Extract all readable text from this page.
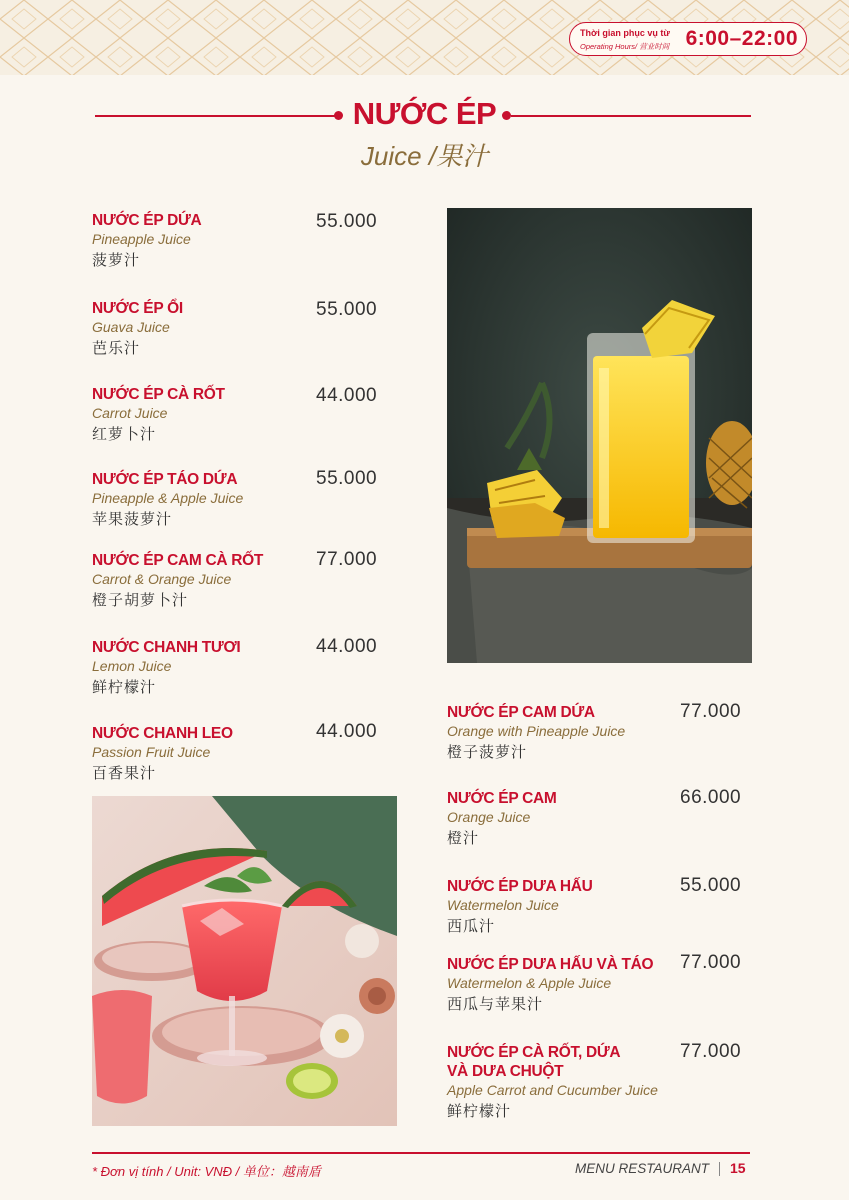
Thời gian phục vụ từ
Operating Hours/ 营业时间 6:00–22:00
NƯỚC ÉP
Juice /果汁
NƯỚC ÉP DỨA
Pineapple Juice
菠萝汁
55.000
NƯỚC ÉP ỔI
Guava Juice
芭乐汁
55.000
NƯỚC ÉP CÀ RỐT
Carrot Juice
红萝卜汁
44.000
NƯỚC ÉP TÁO DỨA
Pineapple & Apple Juice
苹果菠萝汁
55.000
NƯỚC ÉP CAM CÀ RỐT
Carrot & Orange Juice
橙子胡萝卜汁
77.000
NƯỚC CHANH TƯƠI
Lemon Juice
鲜柠檬汁
44.000
NƯỚC CHANH LEO
Passion Fruit Juice
百香果汁
44.000
NƯỚC ÉP CAM DỨA
Orange with Pineapple Juice
橙子菠萝汁
77.000
NƯỚC ÉP CAM
Orange Juice
橙汁
66.000
NƯỚC ÉP DƯA HẤU
Watermelon Juice
西瓜汁
55.000
NƯỚC ÉP DƯA HẤU VÀ TÁO
Watermelon & Apple Juice
西瓜与苹果汁
77.000
NƯỚC ÉP CÀ RỐT, DỨA
VÀ DƯA CHUỘT
Apple Carrot and Cucumber Juice
鲜柠檬汁
77.000
* Đơn vị tính / Unit: VNĐ / 单位：越南盾	MENU RESTAURANT 15
